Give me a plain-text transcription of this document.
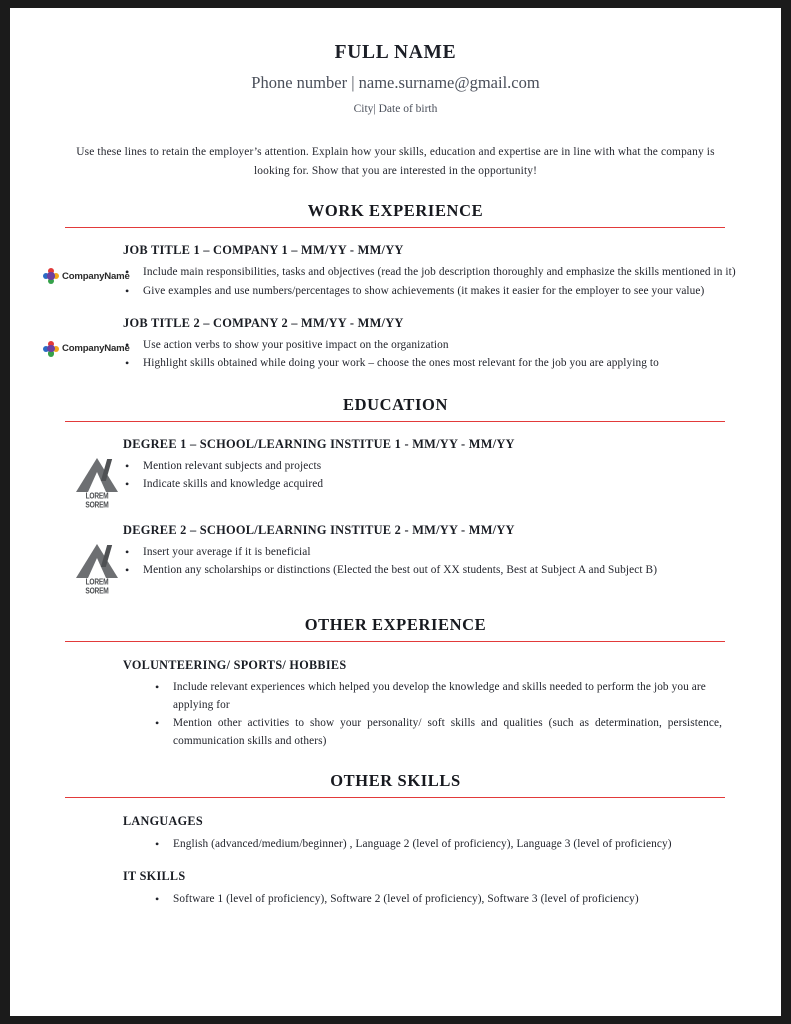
FULL NAME
Phone number | name.surname@gmail.com
City| Date of birth
Use these lines to retain the employer’s attention. Explain how your skills, education and expertise are in line with what the company is looking for. Show that you are interested in the opportunity!
WORK EXPERIENCE
JOB TITLE 1 – COMPANY 1 – MM/YY - MM/YY
CompanyName	• Include main responsibilities, tasks and objectives (read the job description thoroughly and emphasize the skills mentioned in it)
• Give examples and use numbers/percentages to show achievements (it makes it easier for the employer to see your value)
JOB TITLE 2 – COMPANY 2 – MM/YY - MM/YY
CompanyName	• Use action verbs to show your positive impact on the organization
• Highlight skills obtained while doing your work – choose the ones most relevant for the job you are applying to
EDUCATION
DEGREE 1 – SCHOOL/LEARNING INSTITUE 1 - MM/YY - MM/YY
LOREM SOREM
• Mention relevant subjects and projects
• Indicate skills and knowledge acquired
DEGREE 2 – SCHOOL/LEARNING INSTITUE 2 - MM/YY - MM/YY
LOREM SOREM
• Insert your average if it is beneficial
• Mention any scholarships or distinctions (Elected the best out of XX students, Best at Subject A and Subject B)
OTHER EXPERIENCE
VOLUNTEERING/ SPORTS/ HOBBIES
• Include relevant experiences which helped you develop the knowledge and skills needed to perform the job you are applying for
• Mention other activities to show your personality/ soft skills and qualities (such as determination, persistence, communication skills and others)
OTHER SKILLS
LANGUAGES
• English (advanced/medium/beginner) , Language 2 (level of proficiency), Language 3 (level of proficiency)
IT SKILLS
• Software 1 (level of proficiency), Software 2 (level of proficiency), Software 3 (level of proficiency)
